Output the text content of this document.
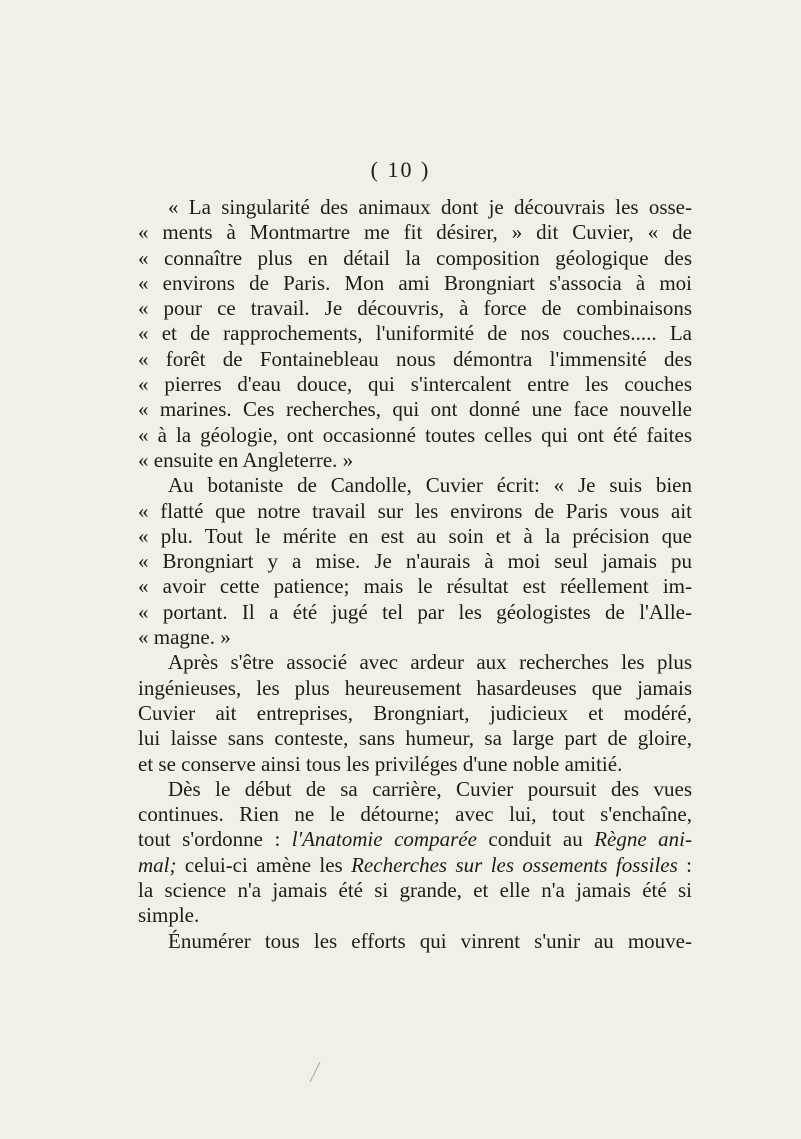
( 10 )
« La singularité des animaux dont je découvrais les osse-
« ments à Montmartre me fit désirer, » dit Cuvier, « de
« connaître plus en détail la composition géologique des
« environs de Paris. Mon ami Brongniart s'associa à moi
« pour ce travail. Je découvris, à force de combinaisons
« et de rapprochements, l'uniformité de nos couches..... La
« forêt de Fontainebleau nous démontra l'immensité des
« pierres d'eau douce, qui s'intercalent entre les couches
« marines. Ces recherches, qui ont donné une face nouvelle
« à la géologie, ont occasionné toutes celles qui ont été faites
« ensuite en Angleterre. »
Au botaniste de Candolle, Cuvier écrit: « Je suis bien
« flatté que notre travail sur les environs de Paris vous ait
« plu. Tout le mérite en est au soin et à la précision que
« Brongniart y a mise. Je n'aurais à moi seul jamais pu
« avoir cette patience; mais le résultat est réellement im-
« portant. Il a été jugé tel par les géologistes de l'Alle-
« magne. »
Après s'être associé avec ardeur aux recherches les plus
ingénieuses, les plus heureusement hasardeuses que jamais
Cuvier ait entreprises, Brongniart, judicieux et modéré,
lui laisse sans conteste, sans humeur, sa large part de gloire,
et se conserve ainsi tous les priviléges d'une noble amitié.
Dès le début de sa carrière, Cuvier poursuit des vues
continues. Rien ne le détourne; avec lui, tout s'enchaîne,
tout s'ordonne : l'Anatomie comparée conduit au Règne ani-
mal; celui-ci amène les Recherches sur les ossements fossiles :
la science n'a jamais été si grande, et elle n'a jamais été si
simple.
Énumérer tous les efforts qui vinrent s'unir au mouve-
